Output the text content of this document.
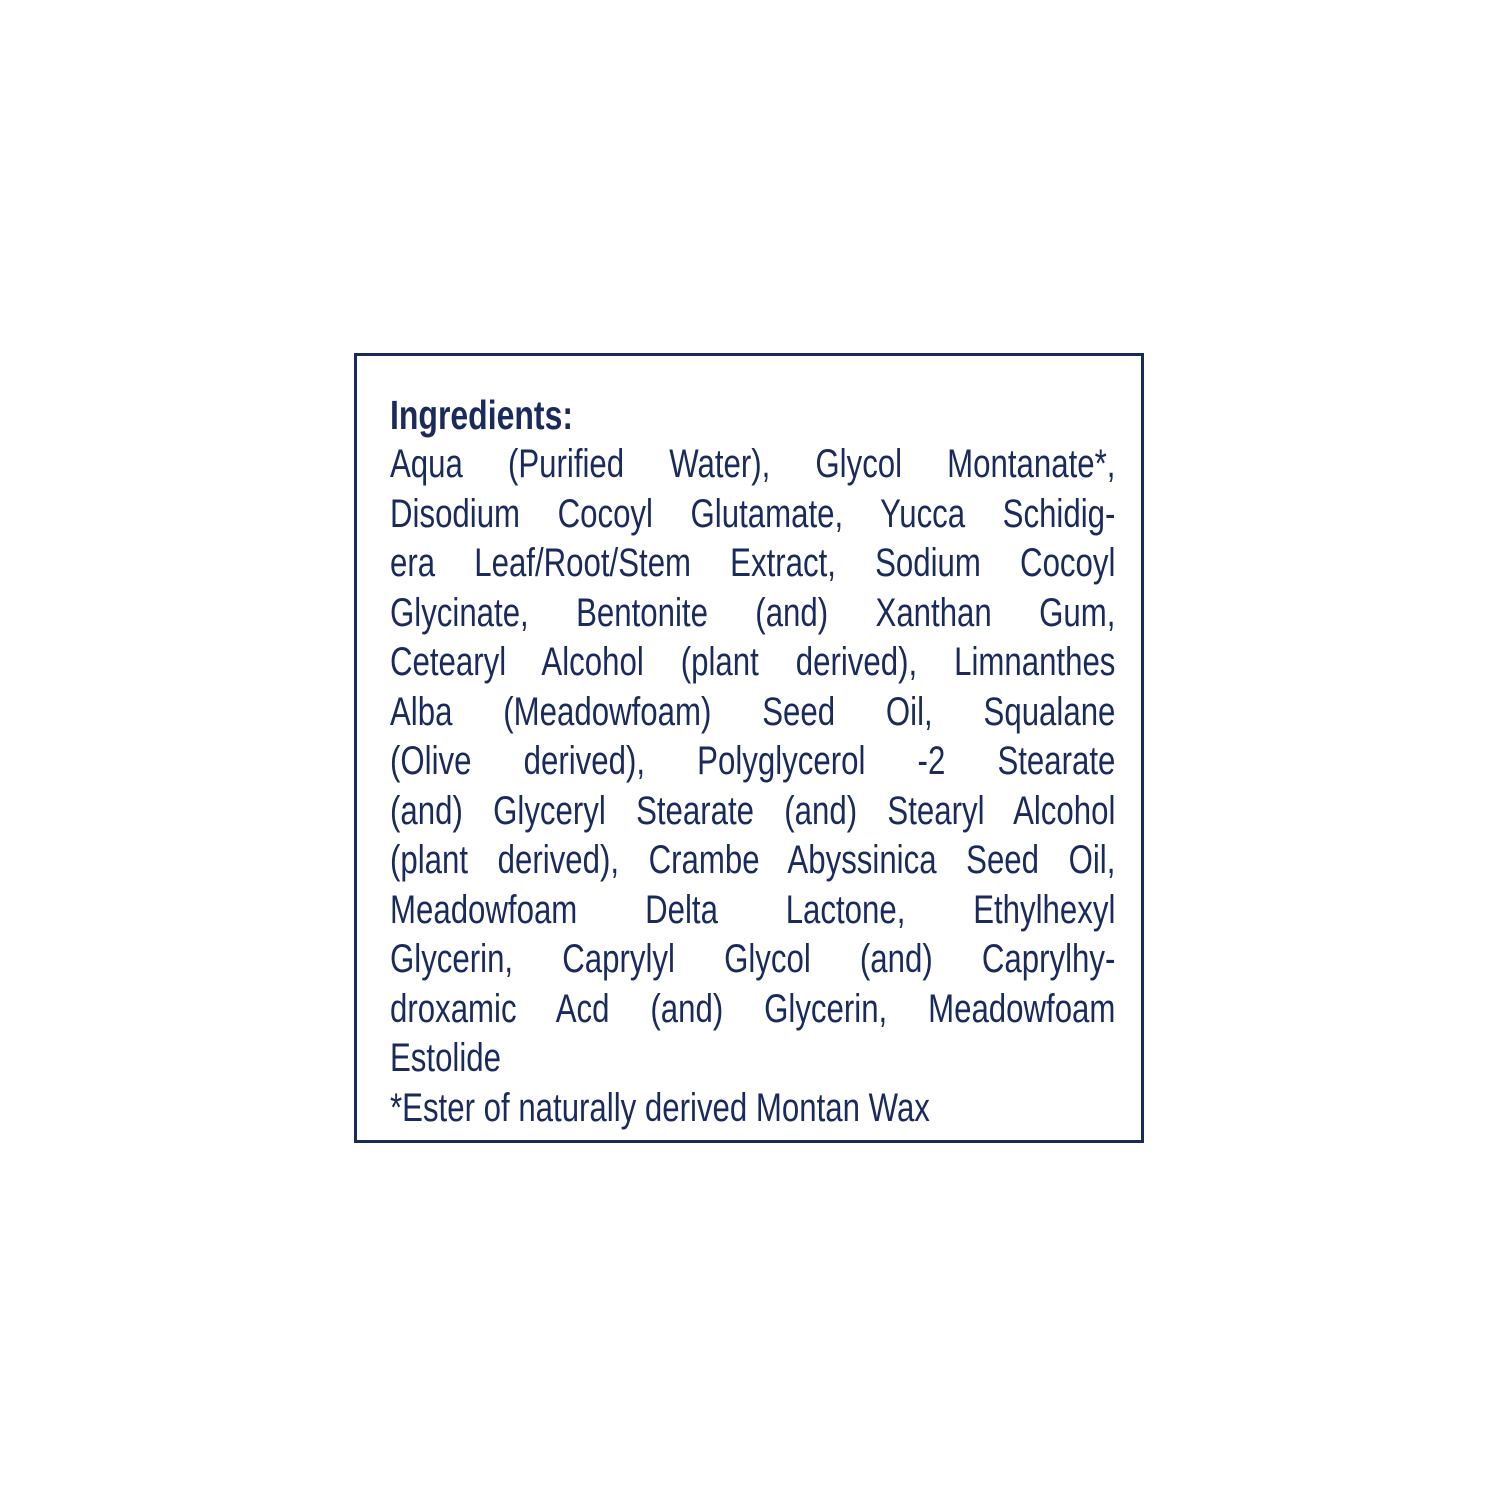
Ingredients:
Aqua (Purified Water), Glycol Montanate*,
Disodium Cocoyl Glutamate, Yucca Schidig-
era Leaf/Root/Stem Extract, Sodium Cocoyl
Glycinate, Bentonite (and) Xanthan Gum,
Cetearyl Alcohol (plant derived), Limnanthes
Alba (Meadowfoam) Seed Oil, Squalane
(Olive derived), Polyglycerol -2 Stearate
(and) Glyceryl Stearate (and) Stearyl Alcohol
(plant derived), Crambe Abyssinica Seed Oil,
Meadowfoam Delta Lactone, Ethylhexyl
Glycerin, Caprylyl Glycol (and) Caprylhy-
droxamic Acd (and) Glycerin, Meadowfoam
Estolide
*Ester of naturally derived Montan Wax
